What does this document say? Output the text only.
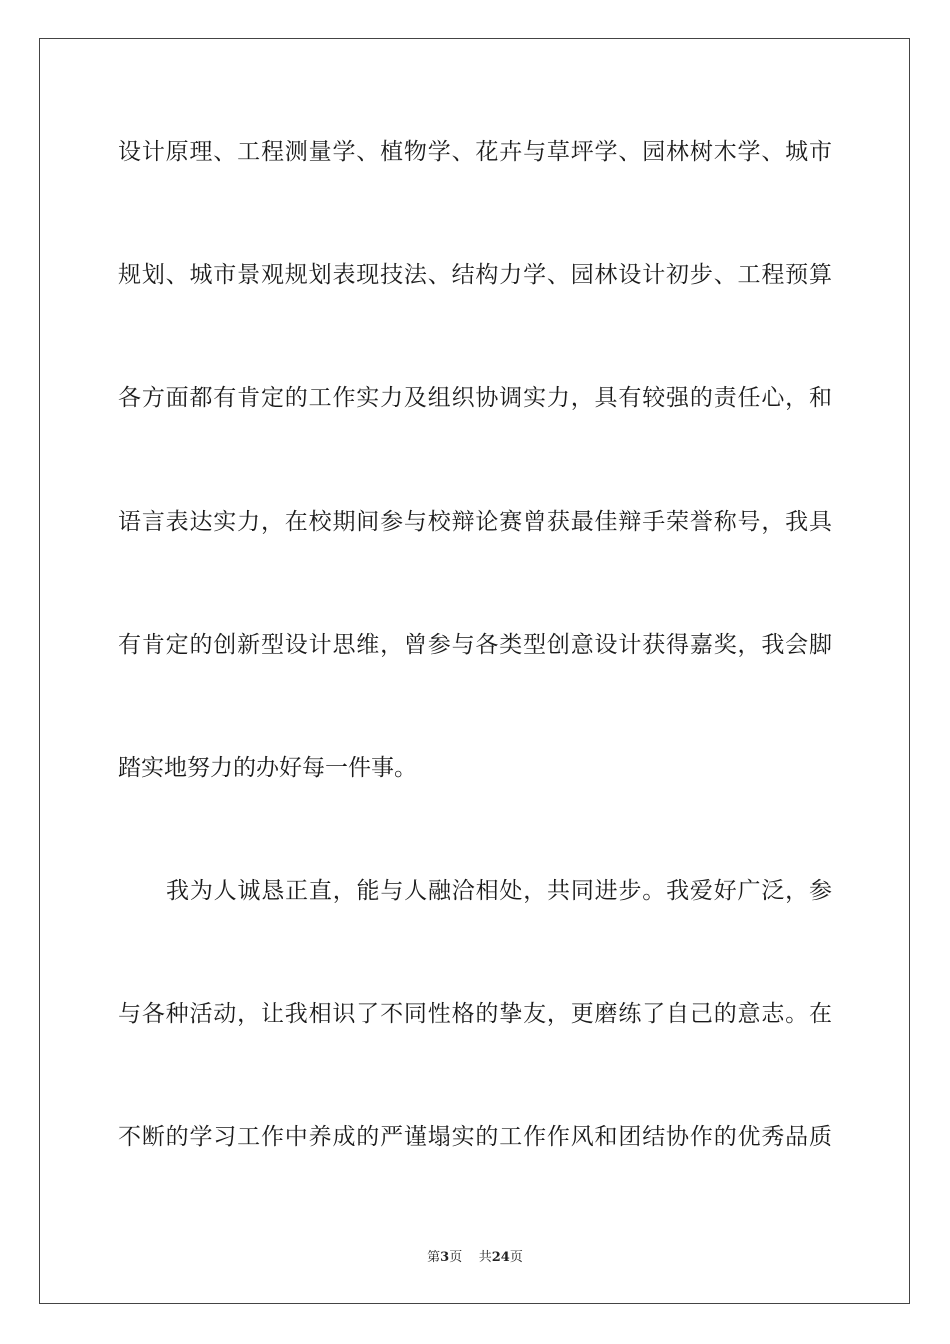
设计原理、工程测量学、植物学、花卉与草坪学、园林树木学、城市
规划、城市景观规划表现技法、结构力学、园林设计初步、工程预算
各方面都有肯定的工作实力及组织协调实力，具有较强的责任心，和
语言表达实力，在校期间参与校辩论赛曾获最佳辩手荣誉称号，我具
有肯定的创新型设计思维，曾参与各类型创意设计获得嘉奖，我会脚
踏实地努力的办好每一件事。
我为人诚恳正直，能与人融洽相处，共同进步。我爱好广泛，参
与各种活动，让我相识了不同性格的挚友，更磨练了自己的意志。在
不断的学习工作中养成的严谨塌实的工作作风和团结协作的优秀品质
第3页 共24页
